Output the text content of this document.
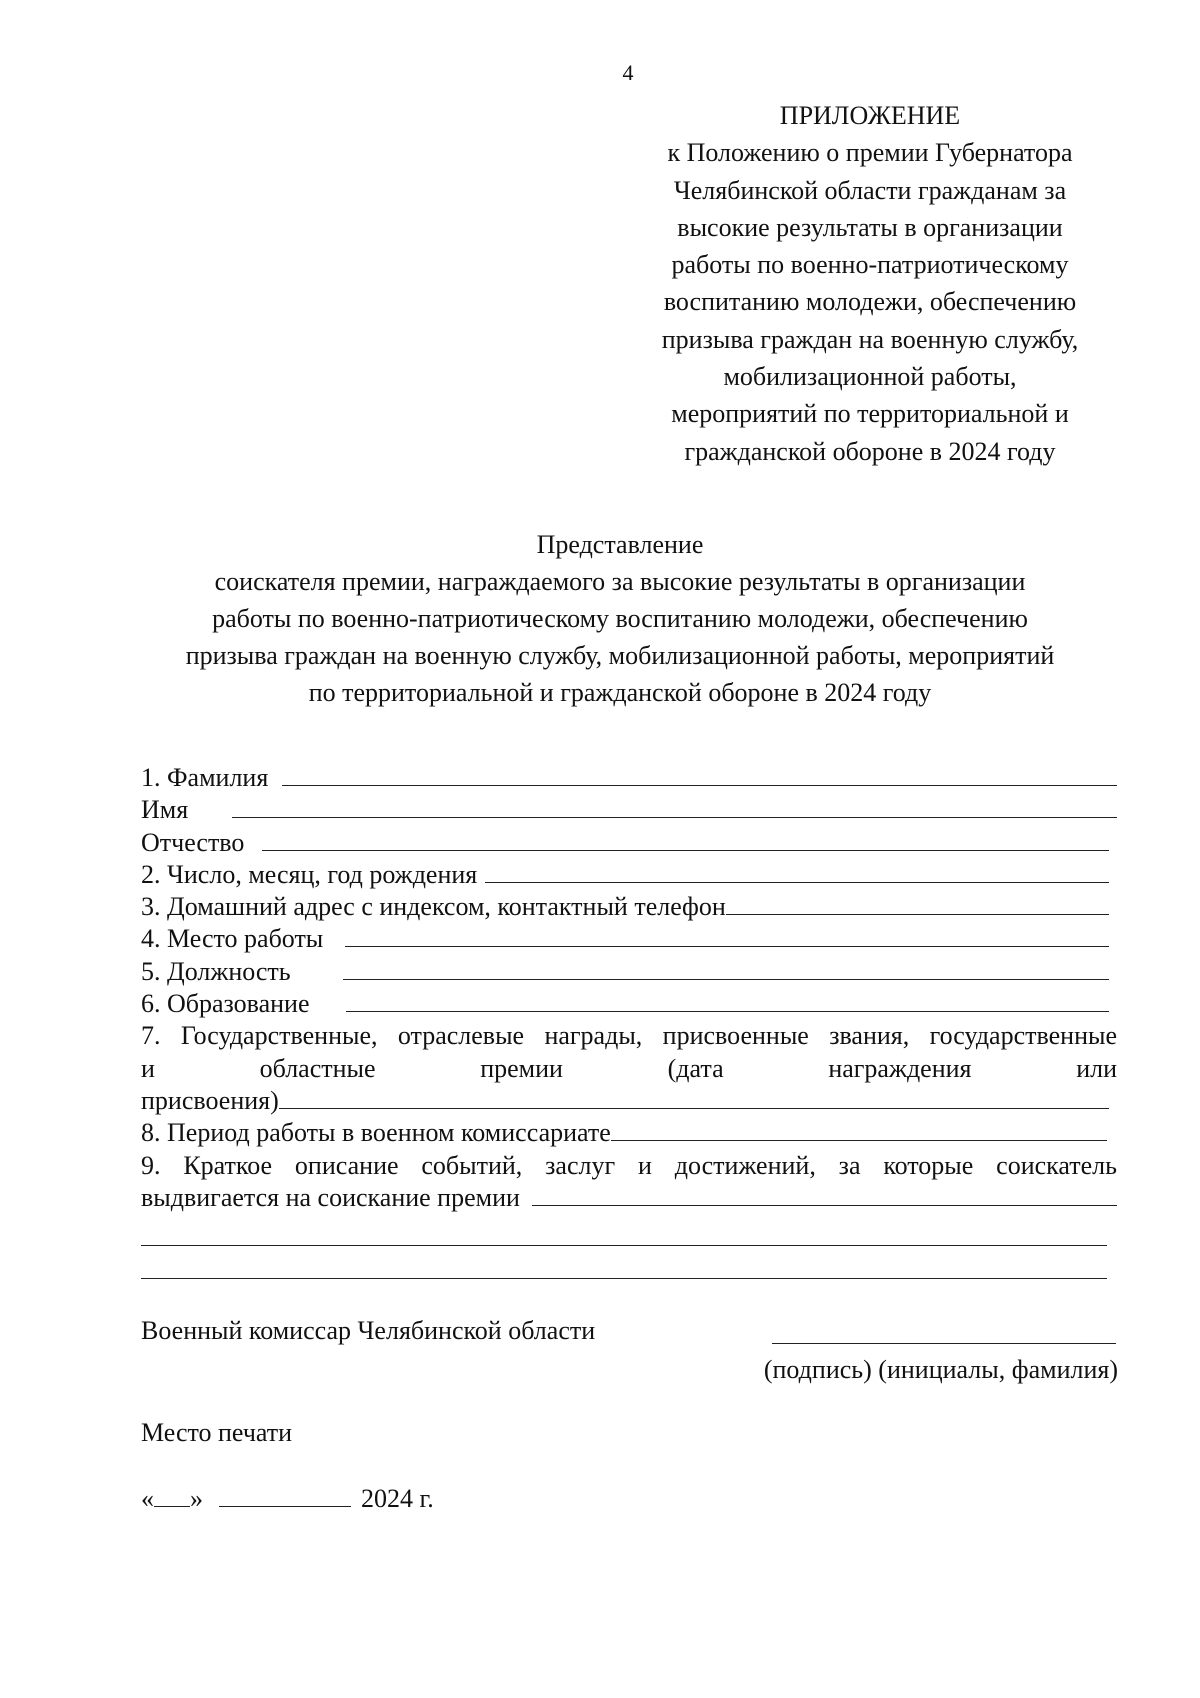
4
ПРИЛОЖЕНИЕ
к Положению о премии Губернатора
Челябинской области гражданам за
высокие результаты в организации
работы по военно-патриотическому
воспитанию молодежи, обеспечению
призыва граждан на военную службу,
мобилизационной работы,
мероприятий по территориальной и
гражданской обороне в 2024 году
Представление
соискателя премии, награждаемого за высокие результаты в организации
работы по военно-патриотическому воспитанию молодежи, обеспечению
призыва граждан на военную службу, мобилизационной работы, мероприятий
по территориальной и гражданской обороне в 2024 году
1. Фамилия
Имя
Отчество
2. Число, месяц, год рождения
3. Домашний адрес с индексом, контактный телефон
4. Место работы
5. Должность
6. Образование
7. Государственные, отраслевые награды, присвоенные звания, государственные
и областные премии (дата награждения или
присвоения)
8. Период работы в военном комиссариате
9. Краткое описание событий, заслуг и достижений, за которые соискатель
выдвигается на соискание премии
Военный комиссар Челябинской области
(подпись) (инициалы, фамилия)
Место печати
« »	2024 г.
